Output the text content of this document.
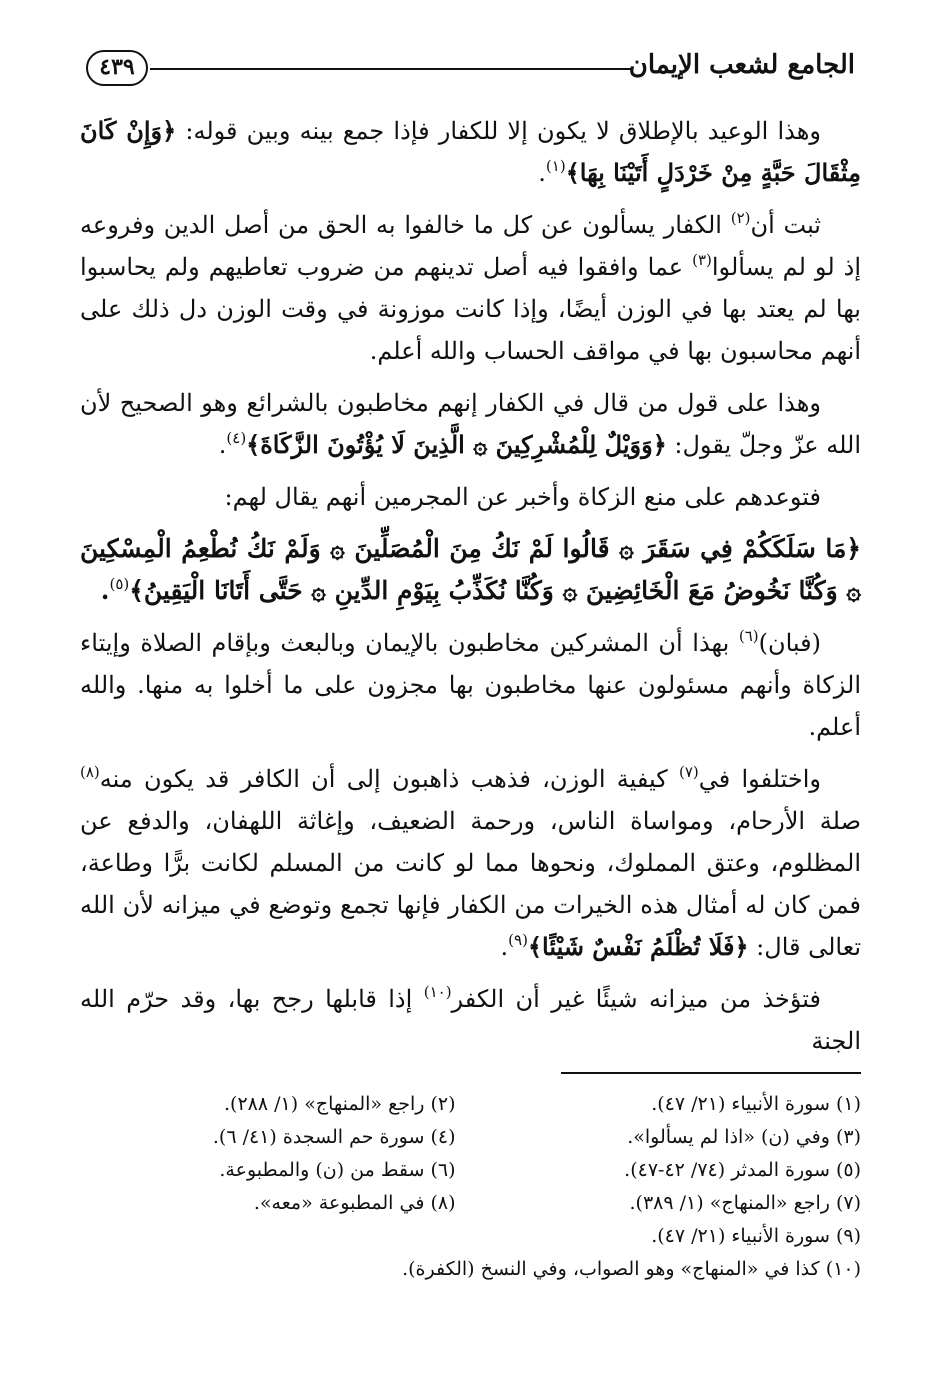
الجامع لشعب الإيمان
٤٣٩

وهذا الوعيد بالإطلاق لا يكون إلا للكفار فإذا جمع بينه وبين قوله: ﴿وَإِنْ كَانَ مِثْقَالَ حَبَّةٍ مِنْ خَرْدَلٍ أَتَيْنَا بِهَا﴾$^{(١)}$.

ثبت أن$^{(٢)}$ الكفار يسألون عن كل ما خالفوا به الحق من أصل الدين وفروعه إذ لو لم يسألوا$^{(٣)}$ عما وافقوا فيه أصل تدينهم من ضروب تعاطيهم ولم يحاسبوا بها لم يعتد بها في الوزن أيضًا، وإذا كانت موزونة في وقت الوزن دل ذلك على أنهم محاسبون بها في مواقف الحساب والله أعلم.

وهذا على قول من قال في الكفار إنهم مخاطبون بالشرائع وهو الصحيح لأن الله عزّ وجلّ يقول: ﴿وَوَيْلٌ لِلْمُشْرِكِينَ ۞ الَّذِينَ لَا يُؤْتُونَ الزَّكَاةَ﴾$^{(٤)}$.

فتوعدهم على منع الزكاة وأخبر عن المجرمين أنهم يقال لهم:

﴿مَا سَلَكَكُمْ فِي سَقَرَ ۞ قَالُوا لَمْ نَكُ مِنَ الْمُصَلِّينَ ۞ وَلَمْ نَكُ نُطْعِمُ الْمِسْكِينَ ۞ وَكُنَّا نَخُوضُ مَعَ الْخَائِضِينَ ۞ وَكُنَّا نُكَذِّبُ بِيَوْمِ الدِّينِ ۞ حَتَّى أَتَانَا الْيَقِينُ﴾$^{(٥)}$.

(فبان)$^{(٦)}$ بهذا أن المشركين مخاطبون بالإيمان وبالبعث وبإقام الصلاة وإيتاء الزكاة وأنهم مسئولون عنها مخاطبون بها مجزون على ما أخلوا به منها. والله أعلم.

واختلفوا في$^{(٧)}$ كيفية الوزن، فذهب ذاهبون إلى أن الكافر قد يكون منه$^{(٨)}$ صلة الأرحام، ومواساة الناس، ورحمة الضعيف، وإغاثة اللهفان، والدفع عن المظلوم، وعتق المملوك، ونحوها مما لو كانت من المسلم لكانت برًّا وطاعة، فمن كان له أمثال هذه الخيرات من الكفار فإنها تجمع وتوضع في ميزانه لأن الله تعالى قال: ﴿فَلَا تُظْلَمُ نَفْسٌ شَيْئًا﴾$^{(٩)}$.

فتؤخذ من ميزانه شيئًا غير أن الكفر$^{(١٠)}$ إذا قابلها رجح بها، وقد حرّم الله الجنة

(١) سورة الأنبياء (٢١/ ٤٧).
(٢) راجع «المنهاج» (١/ ٢٨٨).
(٣) وفي (ن) «اذا لم يسألوا».
(٤) سورة حم السجدة (٤١/ ٦).
(٥) سورة المدثر (٧٤/ ٤٢-٤٧).
(٦) سقط من (ن) والمطبوعة.
(٧) راجع «المنهاج» (١/ ٣٨٩).
(٨) في المطبوعة «معه».
(٩) سورة الأنبياء (٢١/ ٤٧).
(١٠) كذا في «المنهاج» وهو الصواب، وفي النسخ (الكفرة).
